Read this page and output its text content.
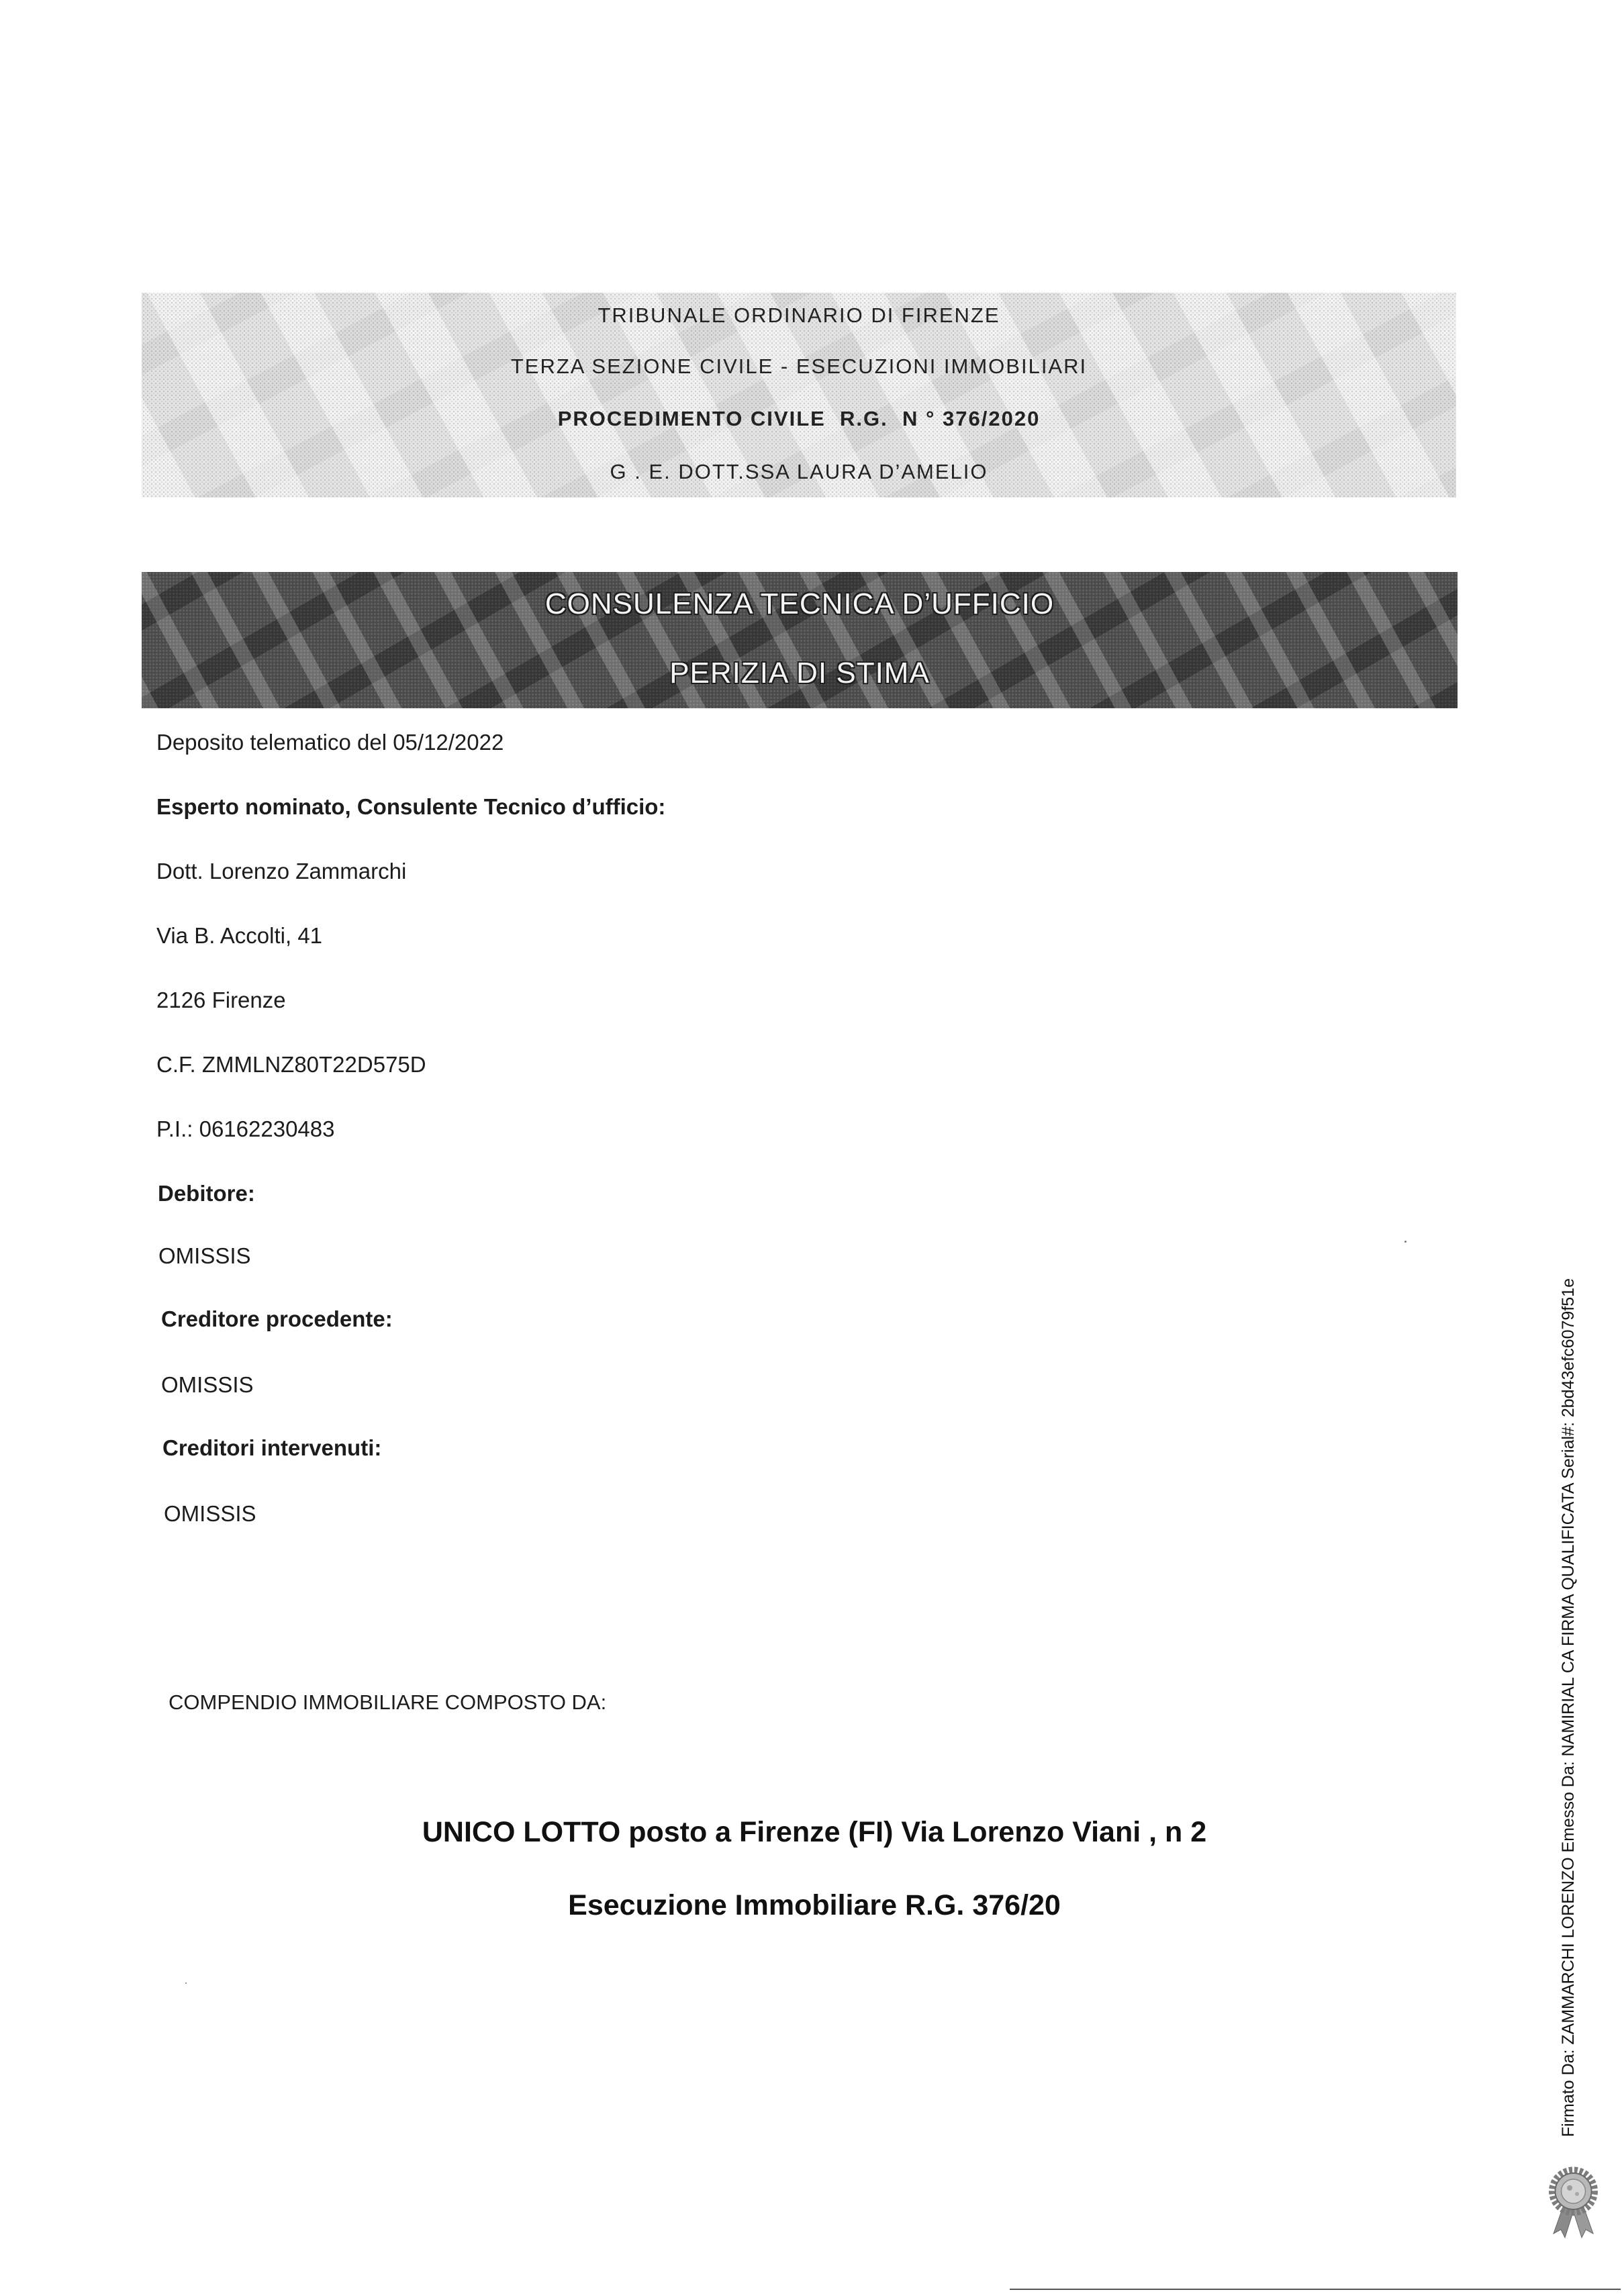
TRIBUNALE ORDINARIO DI FIRENZE
TERZA SEZIONE CIVILE - ESECUZIONI IMMOBILIARI
PROCEDIMENTO CIVILE  R.G.  N ° 376/2020
G . E. DOTT.SSA LAURA D’AMELIO
CONSULENZA TECNICA D’UFFICIO
PERIZIA DI STIMA
Deposito telematico del 05/12/2022
Esperto nominato, Consulente Tecnico d’ufficio:
Dott. Lorenzo Zammarchi
Via B. Accolti, 41
2126 Firenze
C.F. ZMMLNZ80T22D575D
P.I.: 06162230483
Debitore:
OMISSIS
Creditore procedente:
OMISSIS
Creditori intervenuti:
OMISSIS
COMPENDIO IMMOBILIARE COMPOSTO DA:
UNICO LOTTO posto a Firenze (FI) Via Lorenzo Viani , n 2
Esecuzione Immobiliare R.G. 376/20	Firmato Da: ZAMMARCHI LORENZO Emesso Da: NAMIRIAL CA FIRMA QUALIFICATA Serial#: 2bd43efc6079f51e
